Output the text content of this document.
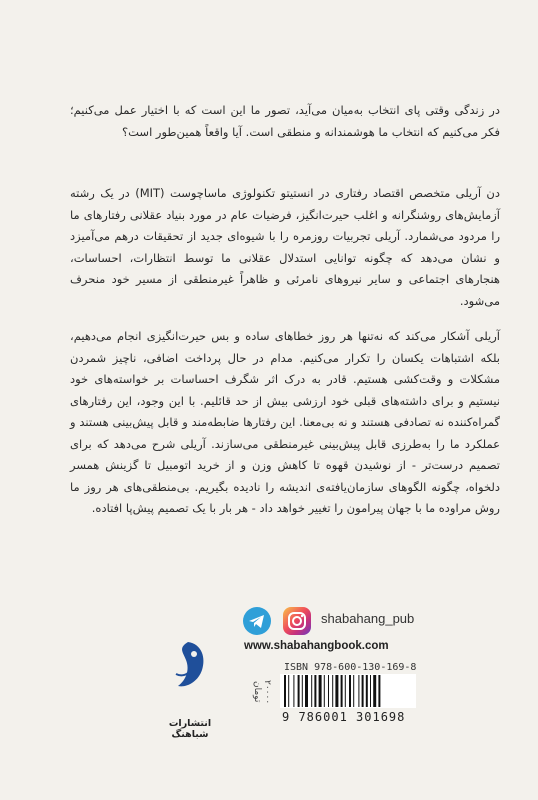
در زندگی وقتی پای انتخاب به‌میان می‌آید، تصور ما این است که با اختیار عمل می‌کنیم؛ فکر می‌کنیم که انتخاب ما هوشمندانه و منطقی است. آیا واقعاً همین‌طور است؟
دن آریلی متخصص اقتصاد رفتاری در انستیتو تکنولوژی ماساچوست (MIT) در یک رشته آزمایش‌های روشنگرانه و اغلب حیرت‌انگیز، فرضیات عام در مورد بنیاد عقلانی رفتارهای ما را مردود می‌شمارد. آریلی تجربیات روزمره را با شیوه‌ای جدید از تحقیقات درهم می‌آمیزد و نشان می‌دهد که چگونه توانایی استدلال عقلانی ما توسط انتظارات، احساسات، هنجارهای اجتماعی و سایر نیروهای نامرئی و ظاهراً غیرمنطقی از مسیر خود منحرف می‌شود.
آریلی آشکار می‌کند که نه‌تنها هر روز خطاهای ساده و بس حیرت‌انگیزی انجام می‌دهیم، بلکه اشتباهات یکسان را تکرار می‌کنیم. مدام در حال پرداخت اضافی، ناچیز شمردن مشکلات و وقت‌کشی هستیم. قادر به درک اثر شگرف احساسات بر خواسته‌های خود نیستیم و برای داشته‌های قبلی خود ارزشی بیش از حد قائلیم. با این وجود، این رفتارهای گمراه‌کننده نه تصادفی هستند و نه بی‌معنا. این رفتارها ضابطه‌مند و قابل پیش‌بینی هستند و عملکرد ما را به‌طرزی قابل پیش‌بینی غیرمنطقی می‌سازند. آریلی شرح می‌دهد که برای تصمیم درست‌تر - از نوشیدن قهوه تا کاهش وزن و از خرید اتومبیل تا گزینش همسر دلخواه، چگونه الگوهای سازمان‌یافته‌ی اندیشه را نادیده بگیریم. بی‌منطقی‌های هر روز ما روش مراوده ما با جهان پیرامون را تغییر خواهد داد - هر بار با یک تصمیم پیش‌پا افتاده.
shabahang_pub
www.shabahangbook.com
۲۰۰۰۰ تومان
ISBN 978-600-130-169-8
9 786001 301698
انتشارات شباهنگ
